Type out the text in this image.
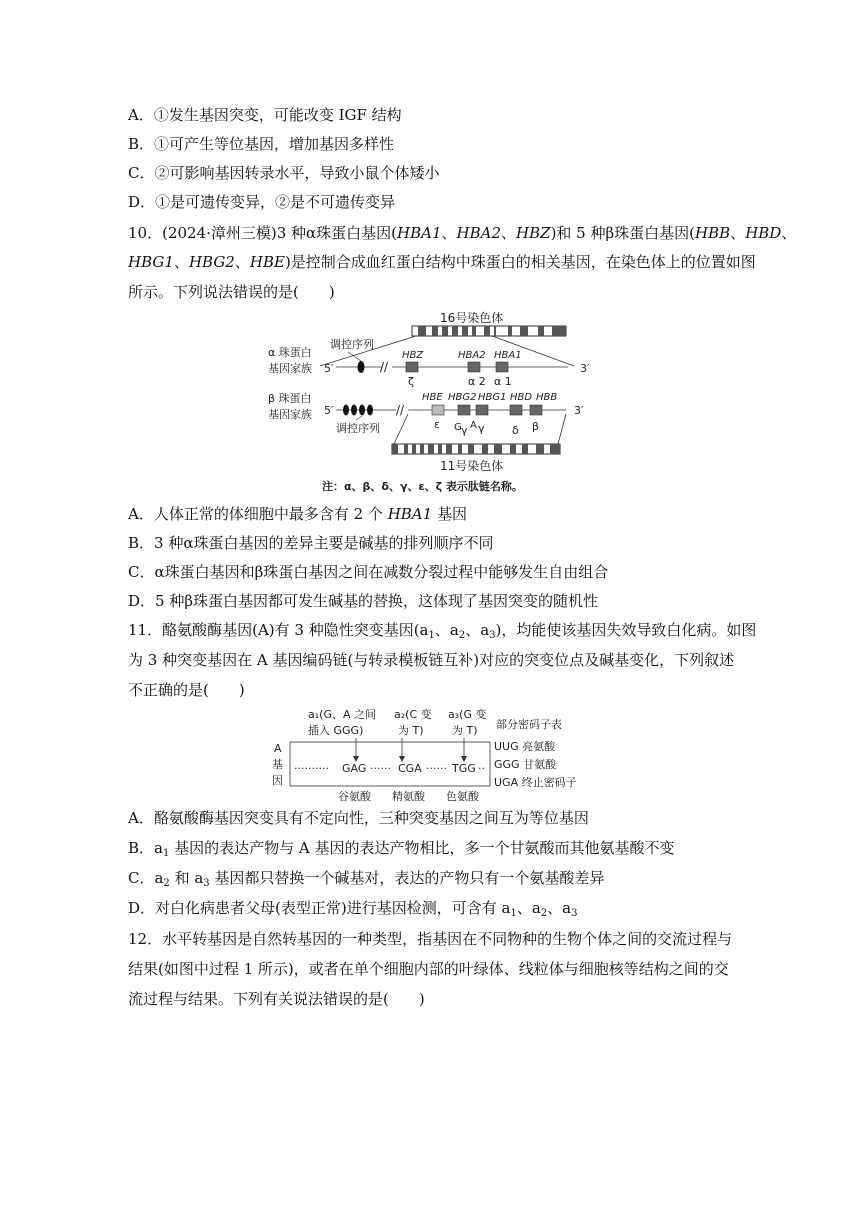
A．①发生基因突变，可能改变 IGF 结构
B．①可产生等位基因，增加基因多样性
C．②可影响基因转录水平，导致小鼠个体矮小
D．①是可遗传变异，②是不可遗传变异
10．(2024·漳州三模)3 种α珠蛋白基因(HBA1、HBA2、HBZ)和 5 种β珠蛋白基因(HBB、HBD、
HBG1、HBG2、HBE)是控制合成血红蛋白结构中珠蛋白的相关基因，在染色体上的位置如图
所示。下列说法错误的是(　　)
16号染色体
调控序列
α 珠蛋白
基因家族 5′	//	3′
HBZ	HBA2 HBA1
ζ	α 2 α 1
β 珠蛋白
基因家族 5′	//	3′
HBE HBG2 HBG1 HBD HBB
ε G γ A γ δ β
调控序列
11号染色体
注：α、β、δ、γ、ε、ζ 表示肽链名称。
A．人体正常的体细胞中最多含有 2 个 HBA1 基因
B．3 种α珠蛋白基因的差异主要是碱基的排列顺序不同
C．α珠蛋白基因和β珠蛋白基因之间在减数分裂过程中能够发生自由组合
D．5 种β珠蛋白基因都可发生碱基的替换，这体现了基因突变的随机性
11．酪氨酸酶基因(A)有 3 种隐性突变基因($a_1$、$a_2$、$a_3$)，均能使该基因失效导致白化病。如图
为 3 种突变基因在 A 基因编码链(与转录模板链互补)对应的突变位点及碱基变化，下列叙述
不正确的是(　　)
a₁(G、A 之间
插入 GGG)
a₂(C 变
为 T)
a₃(G 变
为 T) 部分密码子表
A
基
因
·········· GAG ······ CGA ······ TGG ··
UUG 亮氨酸
GGG 甘氨酸
UGA 终止密码子
谷氨酸 精氨酸 色氨酸
A．酪氨酸酶基因突变具有不定向性，三种突变基因之间互为等位基因
B．$a_1$ 基因的表达产物与 A 基因的表达产物相比，多一个甘氨酸而其他氨基酸不变
C．$a_2$ 和 $a_3$ 基因都只替换一个碱基对，表达的产物只有一个氨基酸差异
D．对白化病患者父母(表型正常)进行基因检测，可含有 $a_1$、$a_2$、$a_3$
12．水平转基因是自然转基因的一种类型，指基因在不同物种的生物个体之间的交流过程与
结果(如图中过程 1 所示)，或者在单个细胞内部的叶绿体、线粒体与细胞核等结构之间的交
流过程与结果。下列有关说法错误的是(　　)
